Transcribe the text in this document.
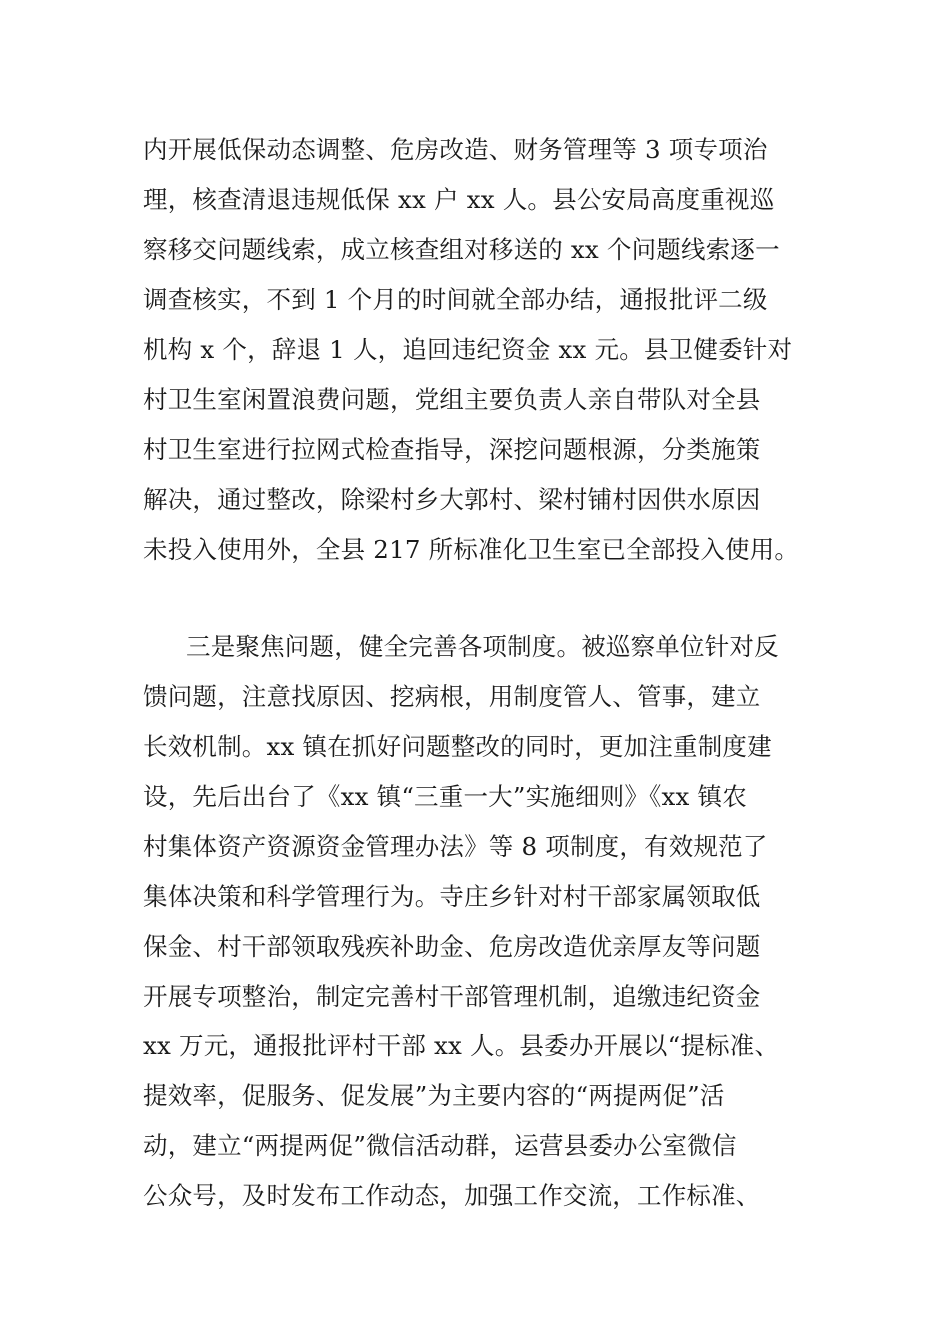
内开展低保动态调整、危房改造、财务管理等 3 项专项治

理，核查清退违规低保 xx 户 xx 人。县公安局高度重视巡

察移交问题线索，成立核查组对移送的 xx 个问题线索逐一

调查核实，不到 1 个月的时间就全部办结，通报批评二级

机构 x 个，辞退 1 人，追回违纪资金 xx 元。县卫健委针对

村卫生室闲置浪费问题，党组主要负责人亲自带队对全县

村卫生室进行拉网式检查指导，深挖问题根源，分类施策

解决，通过整改，除梁村乡大郭村、梁村铺村因供水原因

未投入使用外，全县 217 所标准化卫生室已全部投入使用。

三是聚焦问题，健全完善各项制度。被巡察单位针对反

馈问题，注意找原因、挖病根，用制度管人、管事，建立

长效机制。xx 镇在抓好问题整改的同时，更加注重制度建

设，先后出台了《xx 镇“三重一大”实施细则》《xx 镇农

村集体资产资源资金管理办法》等 8 项制度，有效规范了

集体决策和科学管理行为。寺庄乡针对村干部家属领取低

保金、村干部领取残疾补助金、危房改造优亲厚友等问题

开展专项整治，制定完善村干部管理机制，追缴违纪资金

xx 万元，通报批评村干部 xx 人。县委办开展以“提标准、

提效率，促服务、促发展”为主要内容的“两提两促”活

动，建立“两提两促”微信活动群，运营县委办公室微信

公众号，及时发布工作动态，加强工作交流，工作标准、
